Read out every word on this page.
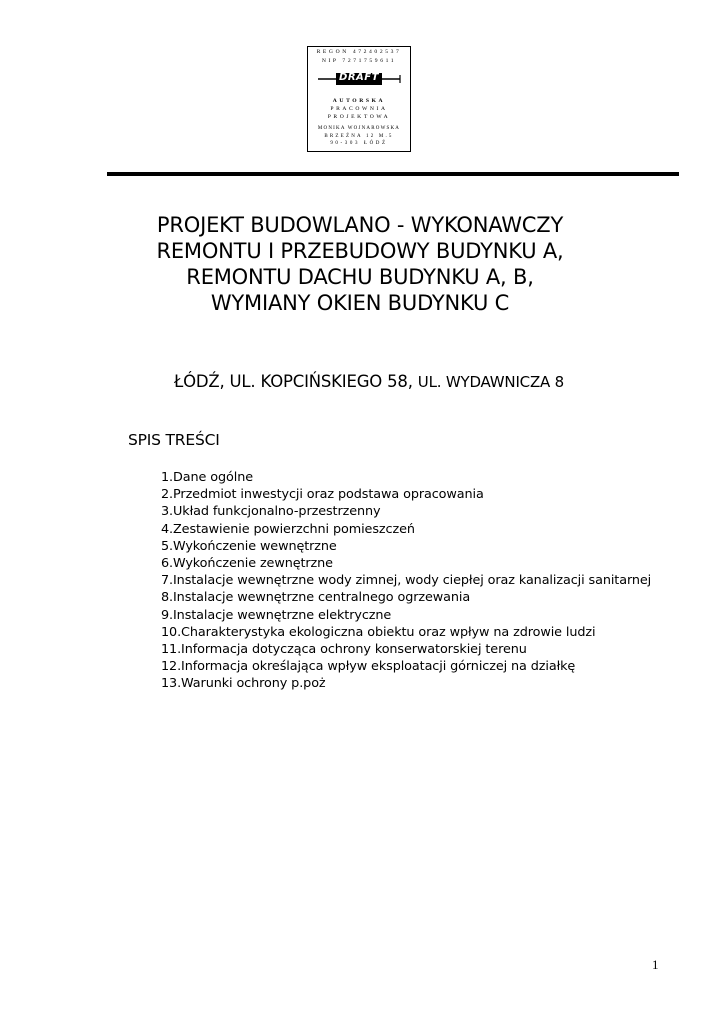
REGON 472402537
NIP 7271759611
DRAFT
AUTORSKA
PRACOWNIA
PROJEKTOWA
MONIKA WOJNAROWSKA
BRZEŹNA 12 M.5
90-303 ŁÓDŹ
PROJEKT BUDOWLANO - WYKONAWCZY
REMONTU I PRZEBUDOWY BUDYNKU A,
REMONTU DACHU BUDYNKU A, B,
WYMIANY OKIEN BUDYNKU C
ŁÓDŹ, UL. KOPCIŃSKIEGO 58, UL. WYDAWNICZA 8
SPIS TREŚCI
1.Dane ogólne
2.Przedmiot inwestycji oraz podstawa opracowania
3.Układ funkcjonalno-przestrzenny
4.Zestawienie powierzchni pomieszczeń
5.Wykończenie wewnętrzne
6.Wykończenie zewnętrzne
7.Instalacje wewnętrzne wody zimnej, wody ciepłej oraz kanalizacji sanitarnej
8.Instalacje wewnętrzne centralnego ogrzewania
9.Instalacje wewnętrzne elektryczne
10.Charakterystyka ekologiczna obiektu oraz wpływ na zdrowie ludzi
11.Informacja dotycząca ochrony konserwatorskiej terenu
12.Informacja określająca wpływ eksploatacji górniczej na działkę
13.Warunki ochrony p.poż
1
